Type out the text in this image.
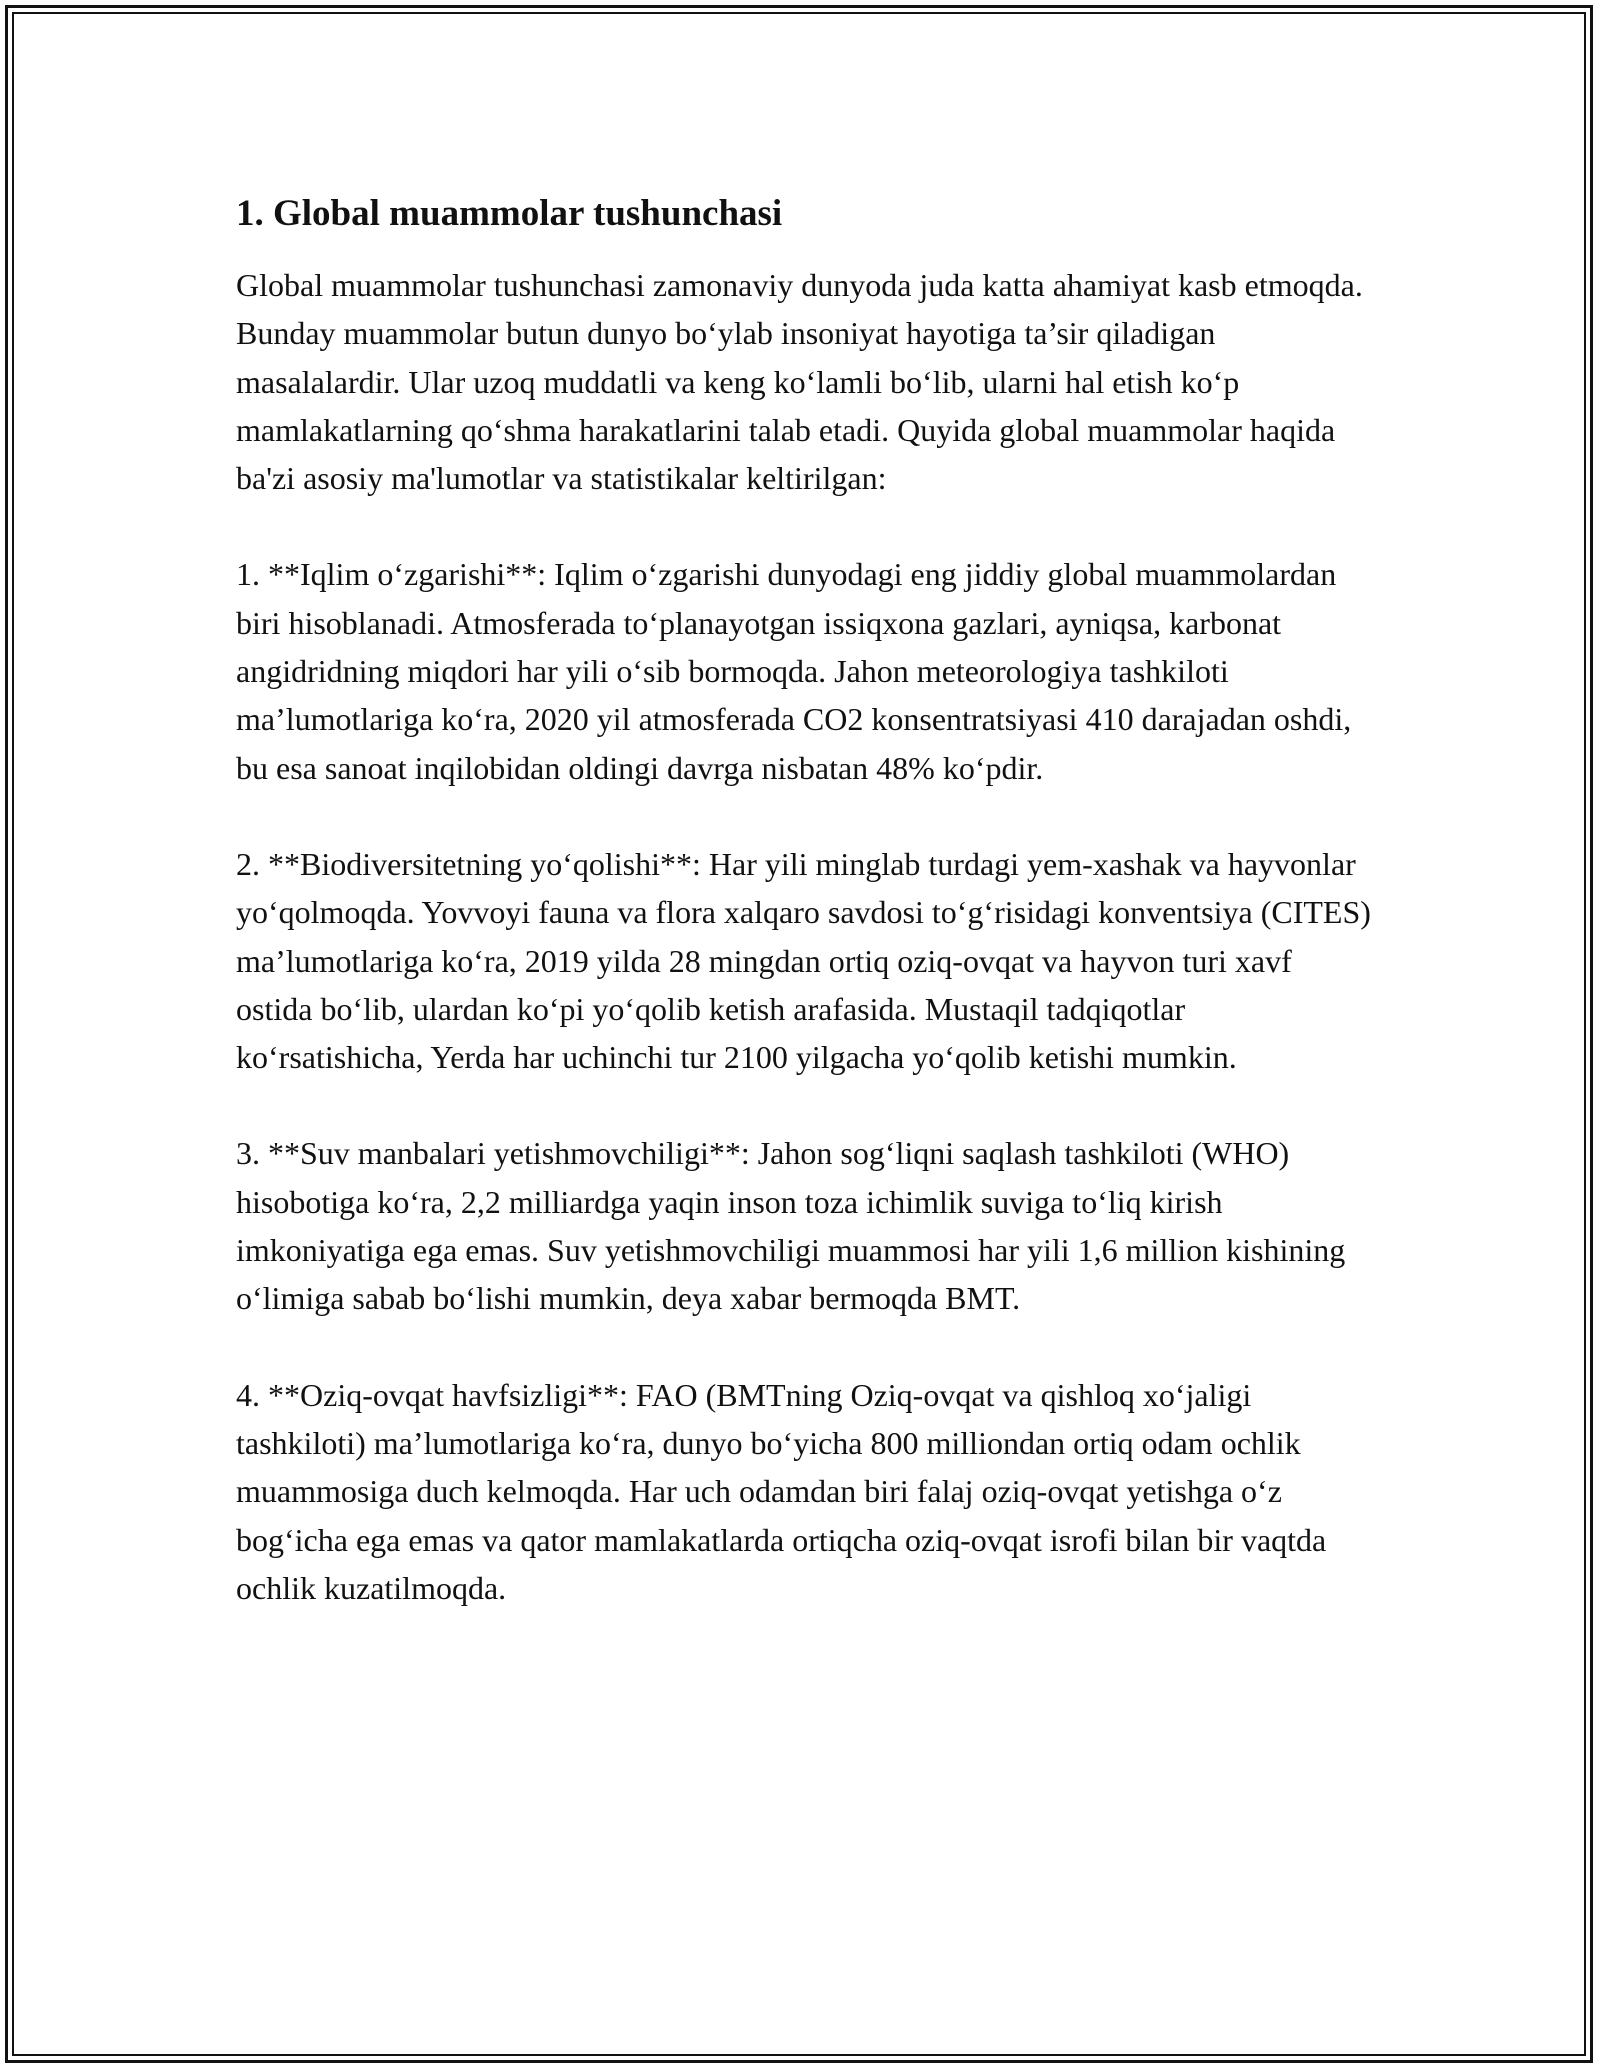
1. Global muammolar tushunchasi

Global muammolar tushunchasi zamonaviy dunyoda juda katta ahamiyat kasb etmoqda. Bunday muammolar butun dunyo bo‘ylab insoniyat hayotiga ta’sir qiladigan masalalardir. Ular uzoq muddatli va keng ko‘lamli bo‘lib, ularni hal etish ko‘p mamlakatlarning qo‘shma harakatlarini talab etadi. Quyida global muammolar haqida ba'zi asosiy ma'lumotlar va statistikalar keltirilgan:

1. **Iqlim o‘zgarishi**: Iqlim o‘zgarishi dunyodagi eng jiddiy global muammolardan biri hisoblanadi. Atmosferada to‘planayotgan issiqxona gazlari, ayniqsa, karbonat angidridning miqdori har yili o‘sib bormoqda. Jahon meteorologiya tashkiloti ma’lumotlariga ko‘ra, 2020 yil atmosferada CO2 konsentratsiyasi 410 darajadan oshdi, bu esa sanoat inqilobidan oldingi davrga nisbatan 48% ko‘pdir.

2. **Biodiversitetning yo‘qolishi**: Har yili minglab turdagi yem-xashak va hayvonlar yo‘qolmoqda. Yovvoyi fauna va flora xalqaro savdosi to‘g‘risidagi konventsiya (CITES) ma’lumotlariga ko‘ra, 2019 yilda 28 mingdan ortiq oziq-ovqat va hayvon turi xavf ostida bo‘lib, ulardan ko‘pi yo‘qolib ketish arafasida. Mustaqil tadqiqotlar ko‘rsatishicha, Yerda har uchinchi tur 2100 yilgacha yo‘qolib ketishi mumkin.

3. **Suv manbalari yetishmovchiligi**: Jahon sog‘liqni saqlash tashkiloti (WHO) hisobotiga ko‘ra, 2,2 milliardga yaqin inson toza ichimlik suviga to‘liq kirish imkoniyatiga ega emas. Suv yetishmovchiligi muammosi har yili 1,6 million kishining o‘limiga sabab bo‘lishi mumkin, deya xabar bermoqda BMT.

4. **Oziq-ovqat havfsizligi**: FAO (BMTning Oziq-ovqat va qishloq xo‘jaligi tashkiloti) ma’lumotlariga ko‘ra, dunyo bo‘yicha 800 milliondan ortiq odam ochlik muammosiga duch kelmoqda. Har uch odamdan biri falaj oziq-ovqat yetishga o‘z bog‘icha ega emas va qator mamlakatlarda ortiqcha oziq-ovqat isrofi bilan bir vaqtda ochlik kuzatilmoqda.
